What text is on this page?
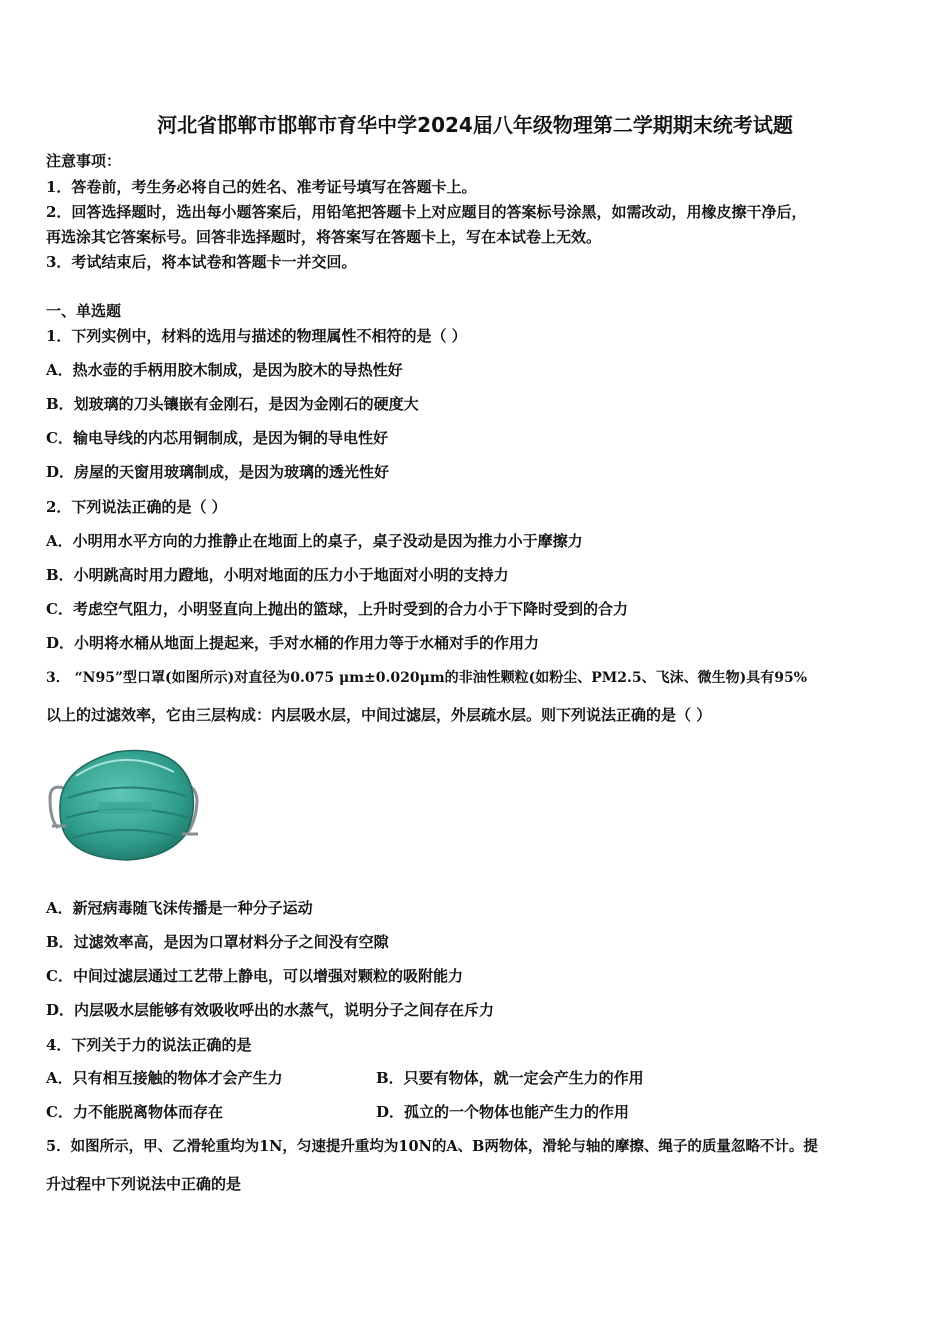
河北省邯郸市邯郸市育华中学2024届八年级物理第二学期期末统考试题
注意事项：
1．答卷前，考生务必将自己的姓名、准考证号填写在答题卡上。
2．回答选择题时，选出每小题答案后，用铅笔把答题卡上对应题目的答案标号涂黑，如需改动，用橡皮擦干净后，
再选涂其它答案标号。回答非选择题时，将答案写在答题卡上，写在本试卷上无效。
3．考试结束后，将本试卷和答题卡一并交回。
一、单选题
1．下列实例中，材料的选用与描述的物理属性不相符的是（ ）
A．热水壶的手柄用胶木制成，是因为胶木的导热性好
B．划玻璃的刀头镶嵌有金刚石，是因为金刚石的硬度大
C．输电导线的内芯用铜制成，是因为铜的导电性好
D．房屋的天窗用玻璃制成，是因为玻璃的透光性好
2．下列说法正确的是（ ）
A．小明用水平方向的力推静止在地面上的桌子，桌子没动是因为推力小于摩擦力
B．小明跳高时用力蹬地，小明对地面的压力小于地面对小明的支持力
C．考虑空气阻力，小明竖直向上抛出的篮球，上升时受到的合力小于下降时受到的合力
D．小明将水桶从地面上提起来，手对水桶的作用力等于水桶对手的作用力
3． “N95”型口罩(如图所示)对直径为0.075 μm±0.020μm的非油性颗粒(如粉尘、PM2.5、飞沫、微生物)具有95%
以上的过滤效率，它由三层构成：内层吸水层，中间过滤层，外层疏水层。则下列说法正确的是（ ）
A．新冠病毒随飞沫传播是一种分子运动
B．过滤效率高，是因为口罩材料分子之间没有空隙
C．中间过滤层通过工艺带上静电，可以增强对颗粒的吸附能力
D．内层吸水层能够有效吸收呼出的水蒸气，说明分子之间存在斥力
4．下列关于力的说法正确的是
A．只有相互接触的物体才会产生力	B．只要有物体，就一定会产生力的作用
C．力不能脱离物体而存在	D．孤立的一个物体也能产生力的作用
5．如图所示，甲、乙滑轮重均为1N，匀速提升重均为10N的A、B两物体，滑轮与轴的摩擦、绳子的质量忽略不计。提
升过程中下列说法中正确的是
